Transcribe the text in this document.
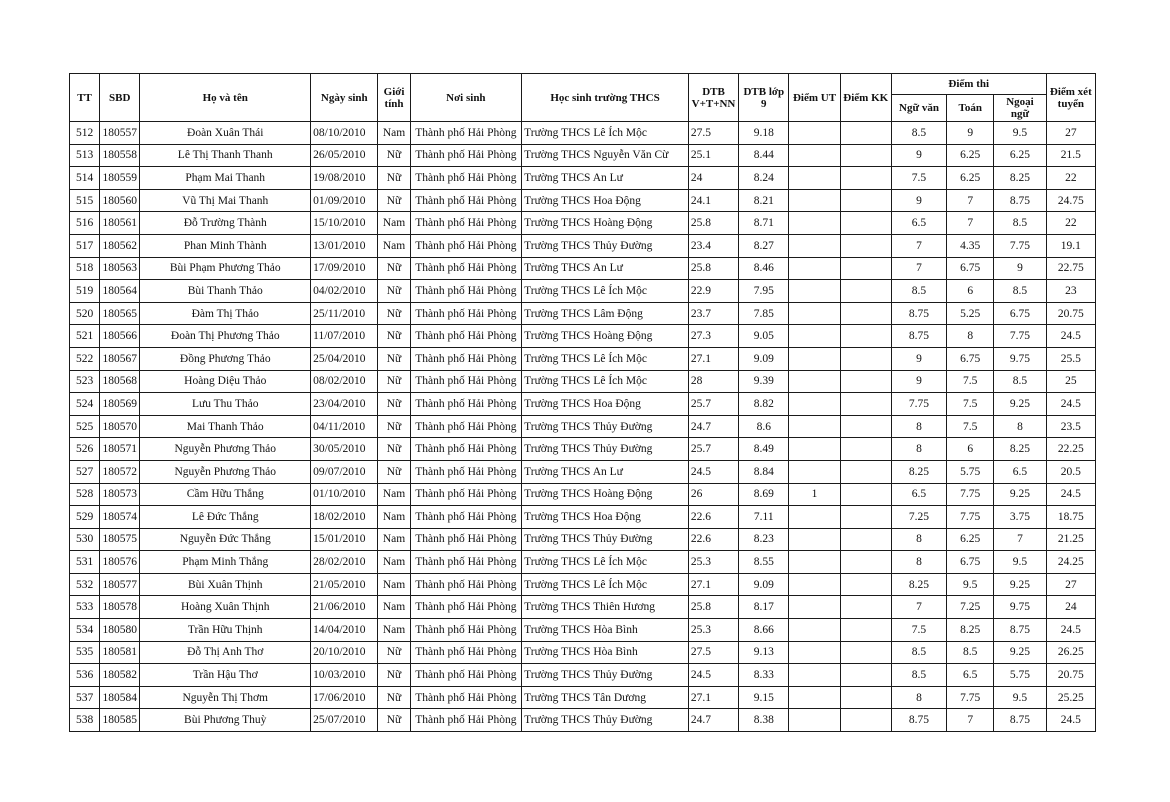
TT	SBD	Họ và tên	Ngày sinh	Giới tính	Nơi sinh	Học sinh trường THCS	DTB V+T+NN	DTB lớp 9	Điểm UT	Điểm KK	Điểm thi			Điểm xét tuyển
											Ngữ văn	Toán	Ngoại ngữ	
512	180557	Đoàn Xuân Thái	08/10/2010	Nam	Thành phố Hải Phòng	Trường THCS Lê Ích Mộc	27.5	9.18			8.5	9	9.5	27
513	180558	Lê Thị Thanh Thanh	26/05/2010	Nữ	Thành phố Hải Phòng	Trường THCS Nguyễn Văn Cừ	25.1	8.44			9	6.25	6.25	21.5
514	180559	Phạm Mai Thanh	19/08/2010	Nữ	Thành phố Hải Phòng	Trường THCS An Lư	24	8.24			7.5	6.25	8.25	22
515	180560	Vũ Thị Mai Thanh	01/09/2010	Nữ	Thành phố Hải Phòng	Trường THCS Hoa Động	24.1	8.21			9	7	8.75	24.75
516	180561	Đỗ Trường Thành	15/10/2010	Nam	Thành phố Hải Phòng	Trường THCS Hoàng Động	25.8	8.71			6.5	7	8.5	22
517	180562	Phan Minh Thành	13/01/2010	Nam	Thành phố Hải Phòng	Trường THCS Thủy Đường	23.4	8.27			7	4.35	7.75	19.1
518	180563	Bùi Phạm Phương Thảo	17/09/2010	Nữ	Thành phố Hải Phòng	Trường THCS An Lư	25.8	8.46			7	6.75	9	22.75
519	180564	Bùi Thanh Thảo	04/02/2010	Nữ	Thành phố Hải Phòng	Trường THCS Lê Ích Mộc	22.9	7.95			8.5	6	8.5	23
520	180565	Đàm Thị Thảo	25/11/2010	Nữ	Thành phố Hải Phòng	Trường THCS Lâm Động	23.7	7.85			8.75	5.25	6.75	20.75
521	180566	Đoàn Thị Phương Thảo	11/07/2010	Nữ	Thành phố Hải Phòng	Trường THCS Hoàng Động	27.3	9.05			8.75	8	7.75	24.5
522	180567	Đồng Phương Thảo	25/04/2010	Nữ	Thành phố Hải Phòng	Trường THCS Lê Ích Mộc	27.1	9.09			9	6.75	9.75	25.5
523	180568	Hoàng Diệu Thảo	08/02/2010	Nữ	Thành phố Hải Phòng	Trường THCS Lê Ích Mộc	28	9.39			9	7.5	8.5	25
524	180569	Lưu Thu Thảo	23/04/2010	Nữ	Thành phố Hải Phòng	Trường THCS Hoa Động	25.7	8.82			7.75	7.5	9.25	24.5
525	180570	Mai Thanh Thảo	04/11/2010	Nữ	Thành phố Hải Phòng	Trường THCS Thủy Đường	24.7	8.6			8	7.5	8	23.5
526	180571	Nguyễn Phương Thảo	30/05/2010	Nữ	Thành phố Hải Phòng	Trường THCS Thủy Đường	25.7	8.49			8	6	8.25	22.25
527	180572	Nguyễn Phương Thảo	09/07/2010	Nữ	Thành phố Hải Phòng	Trường THCS An Lư	24.5	8.84			8.25	5.75	6.5	20.5
528	180573	Cầm Hữu Thắng	01/10/2010	Nam	Thành phố Hải Phòng	Trường THCS Hoàng Động	26	8.69	1		6.5	7.75	9.25	24.5
529	180574	Lê Đức Thắng	18/02/2010	Nam	Thành phố Hải Phòng	Trường THCS Hoa Động	22.6	7.11			7.25	7.75	3.75	18.75
530	180575	Nguyễn Đức Thắng	15/01/2010	Nam	Thành phố Hải Phòng	Trường THCS Thủy Đường	22.6	8.23			8	6.25	7	21.25
531	180576	Phạm Minh Thắng	28/02/2010	Nam	Thành phố Hải Phòng	Trường THCS Lê Ích Mộc	25.3	8.55			8	6.75	9.5	24.25
532	180577	Bùi Xuân Thịnh	21/05/2010	Nam	Thành phố Hải Phòng	Trường THCS Lê Ích Mộc	27.1	9.09			8.25	9.5	9.25	27
533	180578	Hoàng Xuân Thịnh	21/06/2010	Nam	Thành phố Hải Phòng	Trường THCS Thiên Hương	25.8	8.17			7	7.25	9.75	24
534	180580	Trần Hữu Thịnh	14/04/2010	Nam	Thành phố Hải Phòng	Trường THCS Hòa Bình	25.3	8.66			7.5	8.25	8.75	24.5
535	180581	Đỗ Thị Anh Thơ	20/10/2010	Nữ	Thành phố Hải Phòng	Trường THCS Hòa Bình	27.5	9.13			8.5	8.5	9.25	26.25
536	180582	Trần Hậu Thơ	10/03/2010	Nữ	Thành phố Hải Phòng	Trường THCS Thủy Đường	24.5	8.33			8.5	6.5	5.75	20.75
537	180584	Nguyễn Thị Thơm	17/06/2010	Nữ	Thành phố Hải Phòng	Trường THCS Tân Dương	27.1	9.15			8	7.75	9.5	25.25
538	180585	Bùi Phương Thuỳ	25/07/2010	Nữ	Thành phố Hải Phòng	Trường THCS Thủy Đường	24.7	8.38			8.75	7	8.75	24.5
